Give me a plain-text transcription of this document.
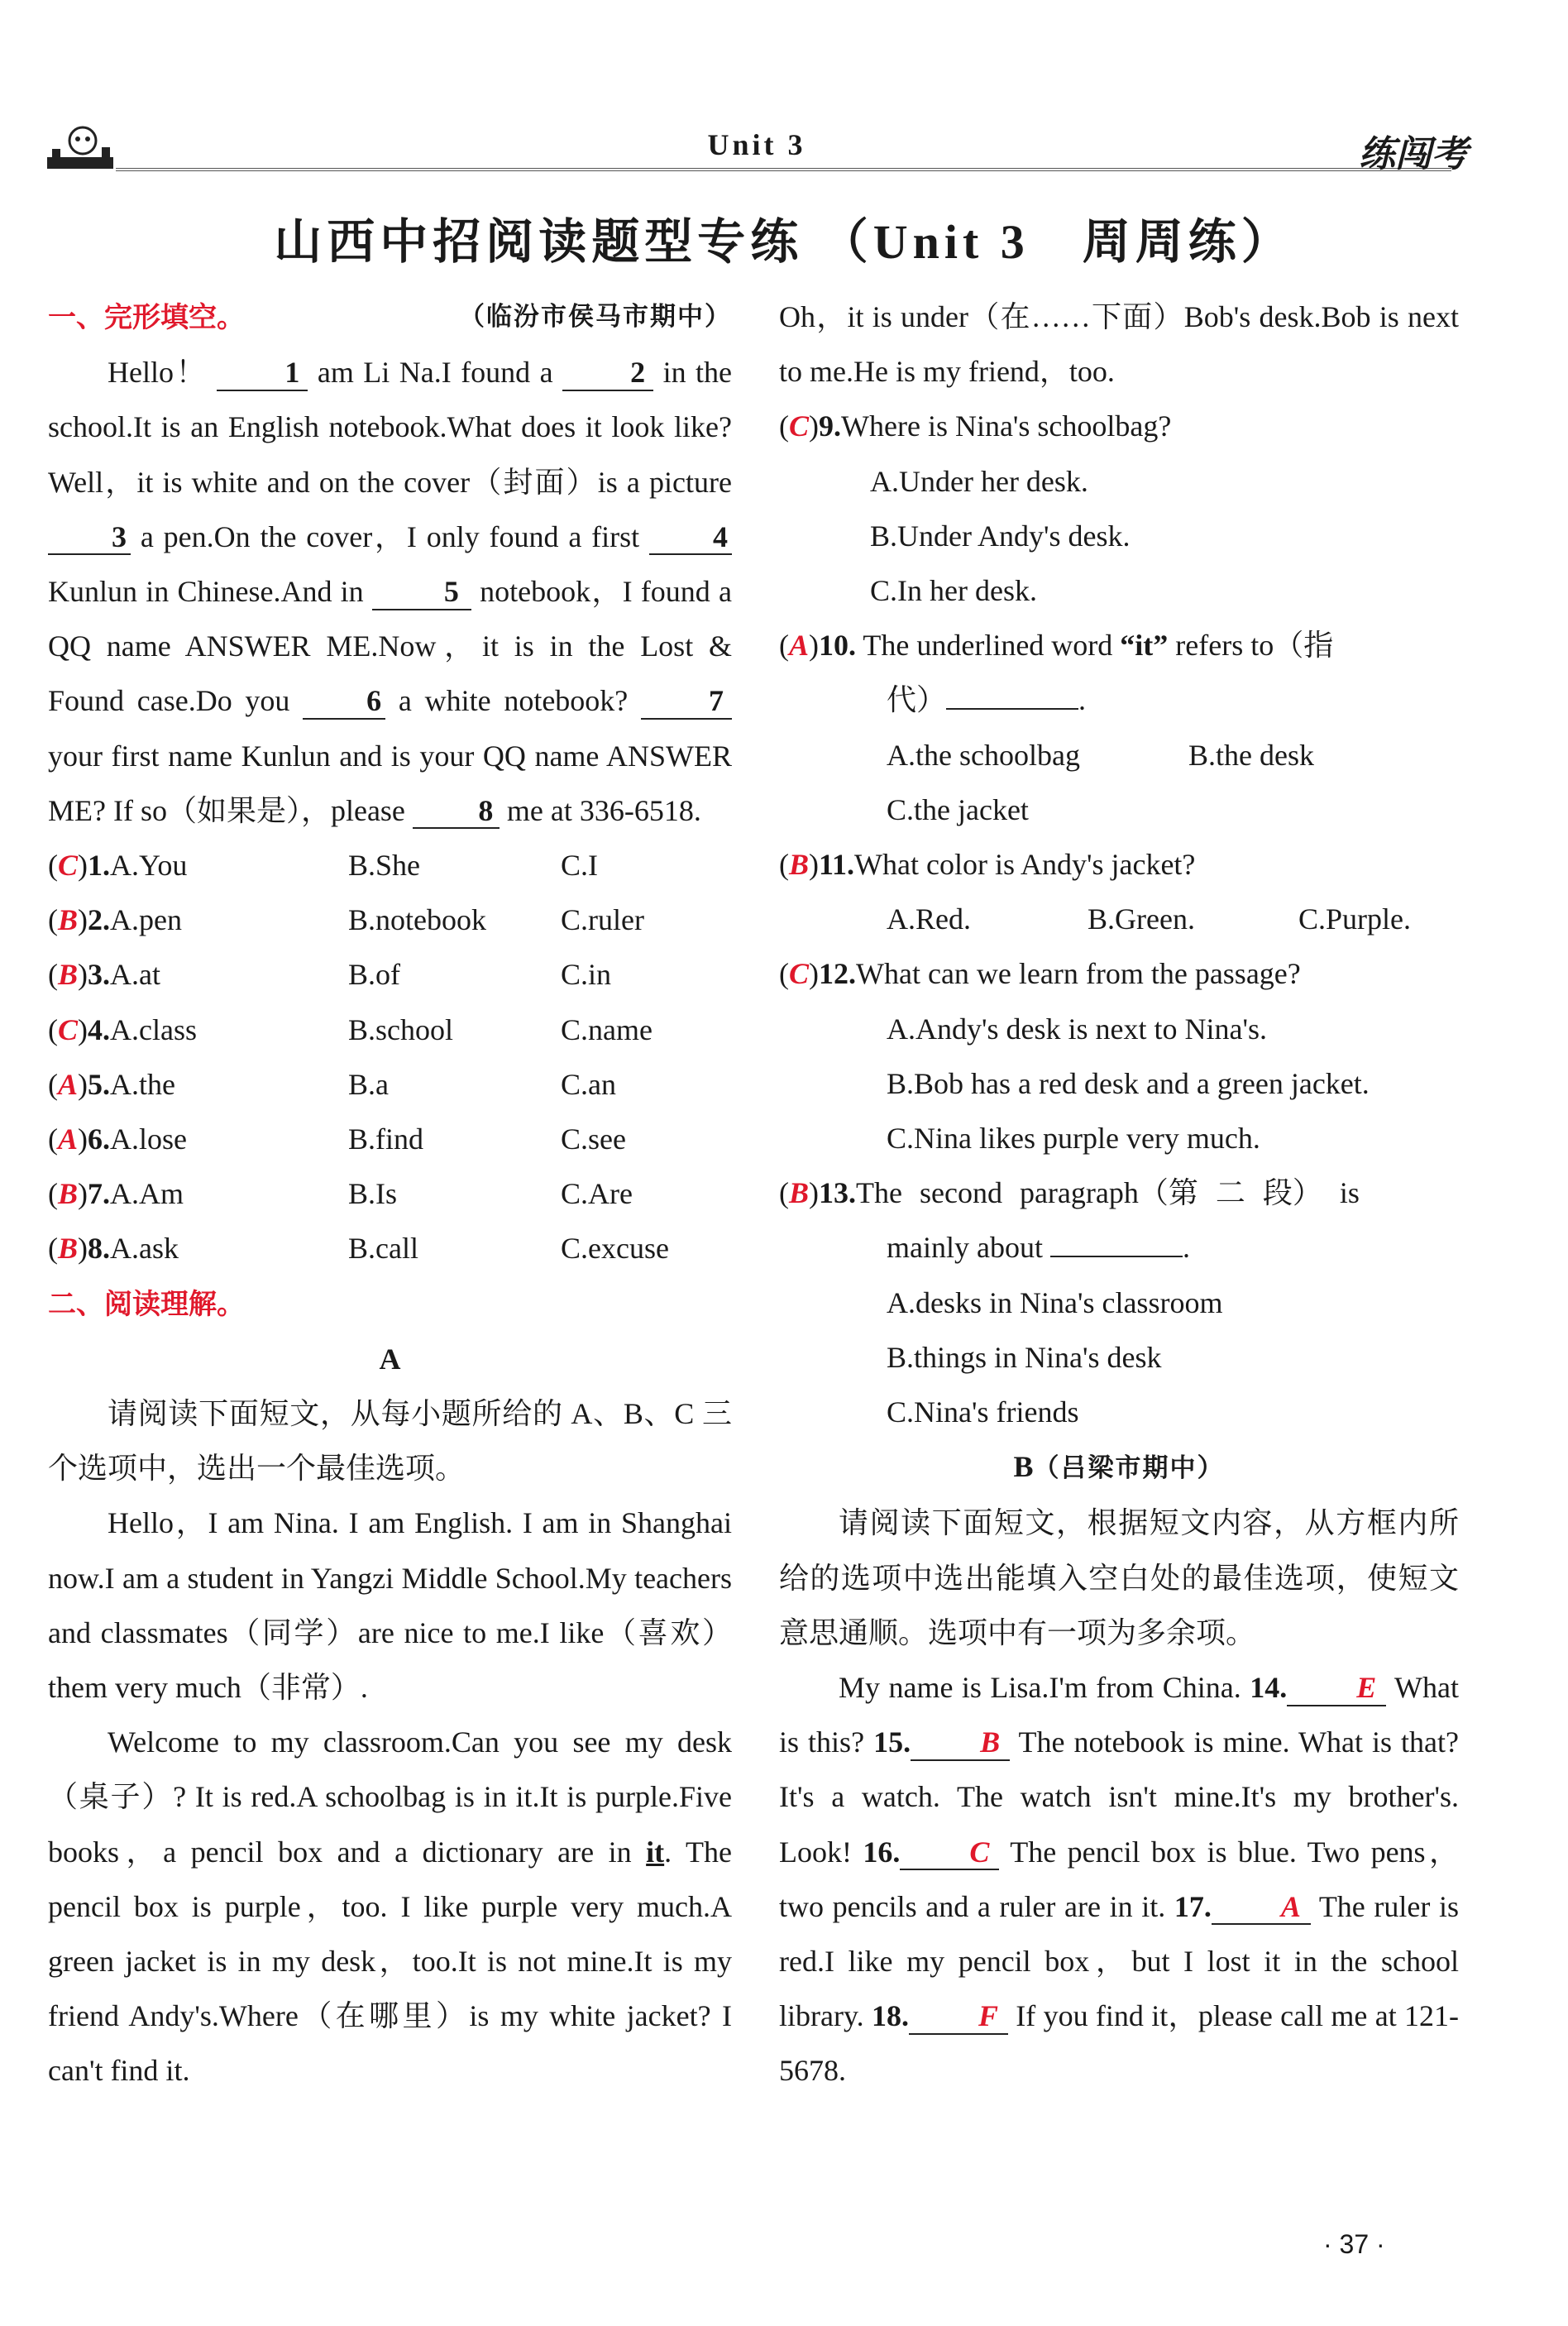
Unit 3	练闯考
山西中招阅读题型专练 （Unit 3　周周练）
一、完形填空。	（临汾市侯马市期中）

Hello！	1 am Li Na.I found a	2 in the school.It is an English notebook.What does it look like? Well，it is white and on the cover（封面）is a picture 3 a pen.On the cover，I only found a first 4 Kunlun in Chinese.And in	5 notebook，I found a QQ name ANSWER ME.Now，it is in the Lost & Found case.Do you	6 a white notebook?	7 your first name Kunlun and is your QQ name ANSWER ME? If so（如果是），please 8 me at 336-6518.

(C)1.A.You	B.She	C.I
(B)2.A.pen	B.notebook	C.ruler
(B)3.A.at	B.of	C.in
(C)4.A.class	B.school	C.name
(A)5.A.the	B.a	C.an
(A)6.A.lose	B.find	C.see
(B)7.A.Am	B.Is	C.Are
(B)8.A.ask	B.call	C.excuse
二、阅读理解。
A

请阅读下面短文，从每小题所给的 A、B、C 三个选项中，选出一个最佳选项。

Hello，I am Nina. I am English. I am in Shanghai now.I am a student in Yangzi Middle School.My teachers and classmates（同学）are nice to me.I like（喜欢）them very much（非常）.

Welcome to my classroom.Can you see my desk（桌子）? It is red.A schoolbag is in it.It is purple.Five books，a pencil box and a dictionary are in it. The pencil box is purple，too. I like purple very much.A green jacket is in my desk，too.It is not mine.It is my friend Andy's.Where（在哪里）is my white jacket? I can't find it.

Oh，it is under（在……下面）Bob's desk.Bob is next to me.He is my friend，too.

(C)9.Where is Nina's schoolbag?
A.Under her desk.
B.Under Andy's desk.
C.In her desk.
(A)10. The underlined word “it” refers to（指
代）	.
A.the schoolbag	B.the desk
C.the jacket
(B)11.What color is Andy's jacket?
A.Red.	B.Green.	C.Purple.
(C)12.What can we learn from the passage?
A.Andy's desk is next to Nina's.
B.Bob has a red desk and a green jacket.
C.Nina likes purple very much.
(B)13.The second paragraph（第 二 段） is
mainly about	.
A.desks in Nina's classroom
B.things in Nina's desk
C.Nina's friends
B（吕梁市期中）

请阅读下面短文，根据短文内容，从方框内所给的选项中选出能填入空白处的最佳选项，使短文意思通顺。选项中有一项为多余项。

My name is Lisa.I'm from China. 14. E What is this? 15. B The notebook is mine. What is that? It's a watch. The watch isn't mine.It's my brother's. Look! 16. C The pencil box is blue. Two pens，two pencils and a ruler are in it. 17. A The ruler is red.I like my pencil box，but I lost it in the school library. 18. F If you find it，please call me at 121-5678.

· 37 ·
